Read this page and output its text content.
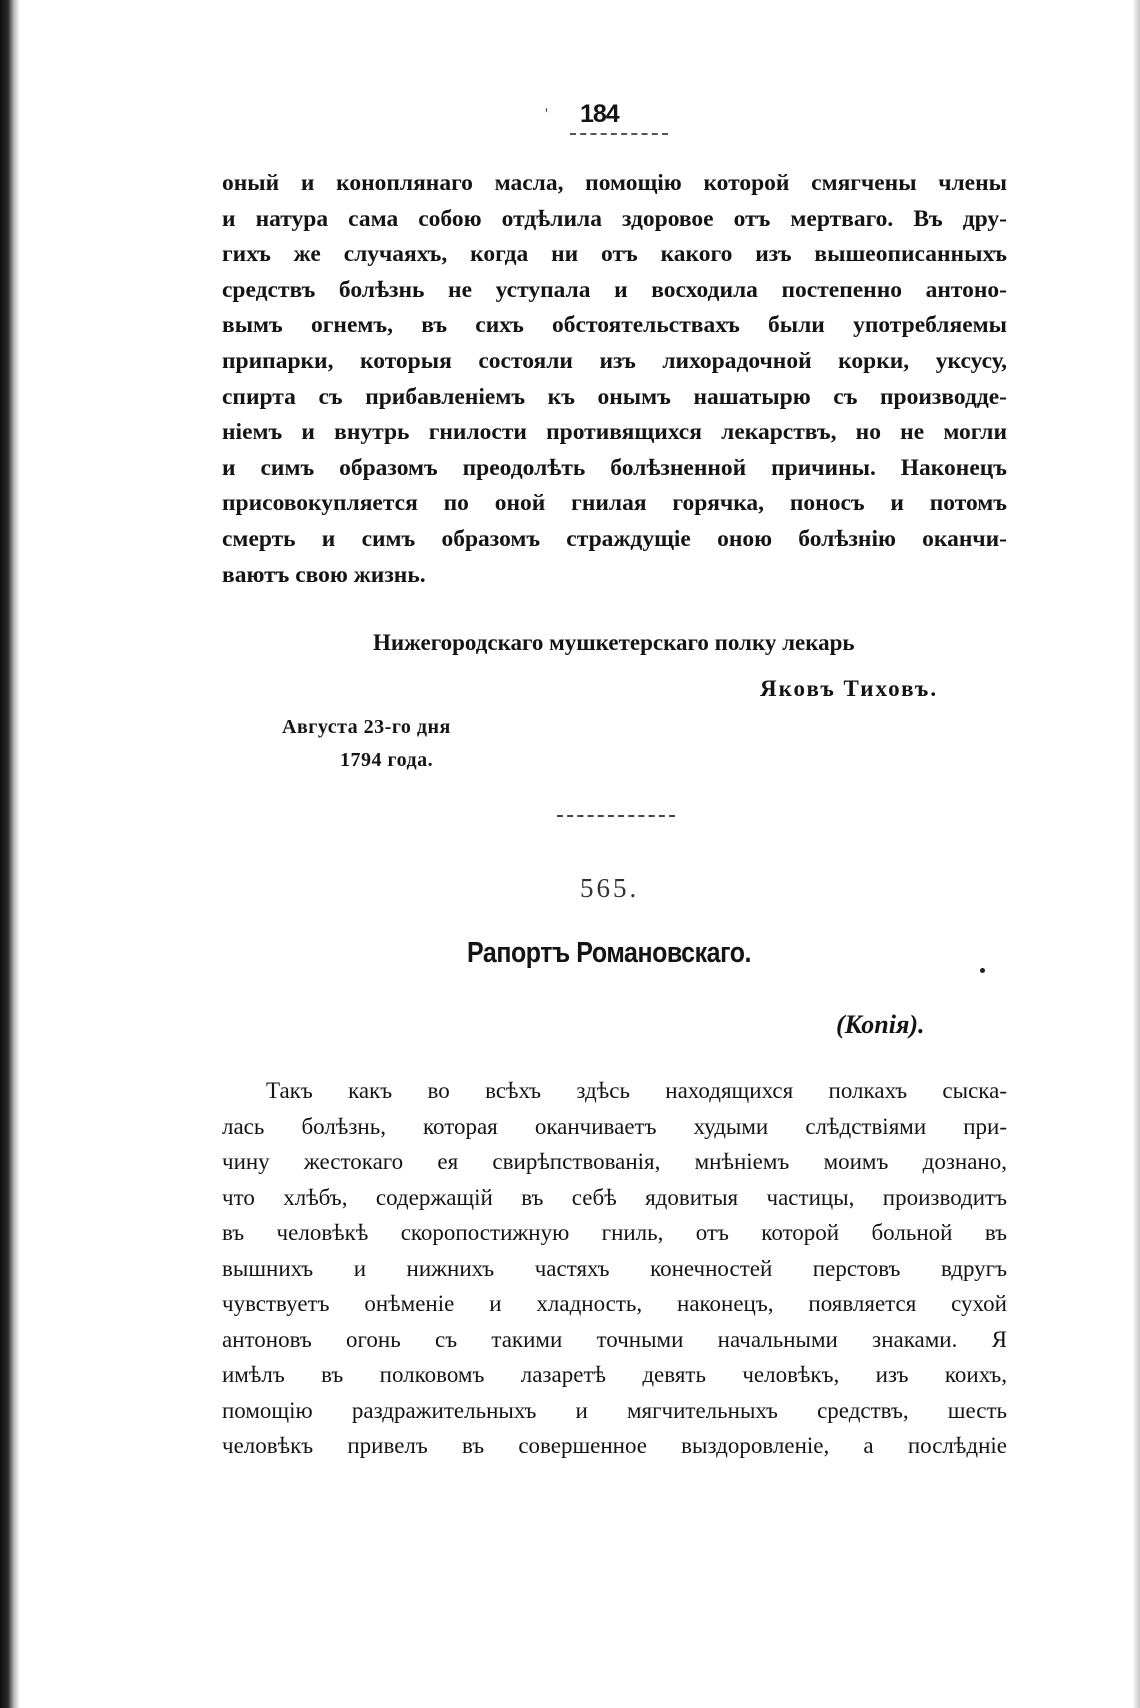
' 184
оный и конoплянаго масла, помощію которой смягчены члены
и натура сама собою отдѣлила здоровое отъ мертваго. Въ дру-
гихъ же случаяхъ, когда ни отъ какого изъ вышеописанныхъ
средствъ болѣзнь не уступала и восходила постепенно антоно-
вымъ огнемъ, въ сихъ обстоятельствахъ были употребляемы
припарки, которыя состояли изъ лихорадочной корки, уксусу,
спирта съ прибавленіемъ къ онымъ нашатырю съ производде-
ніемъ и внутрь гнилости противящихся лекарствъ, но не могли
и симъ образомъ преодолѣть болѣзненной причины. Наконецъ
присовокупляется по оной гнилая горячка, поносъ и потомъ
смерть и симъ образомъ страждущіе оною болѣзнію оканчи-
ваютъ свою жизнь.
Нижегородскаго мушкетерскаго полку лекарь
Яковъ Тиховъ.
Августа 23-го дня
1794 года.
565.
Рапортъ Романовскаго.
(Копія).
Такъ какъ во всѣхъ здѣсь находящихся полкахъ сыска-
лась болѣзнь, которая оканчиваетъ худыми слѣдствіями при-
чину жестокаго ея свирѣпствованія, мнѣніемъ моимъ дознано,
что хлѣбъ, содержащій въ себѣ ядовитыя частицы, производитъ
въ человѣкѣ скоропостижную гниль, отъ которой больной въ
вышнихъ и нижнихъ частяхъ конечностей перстовъ вдругъ
чувствуетъ онѣменіе и хладность, наконецъ, появляется сухой
антоновъ огонь съ такими точными начальными знаками. Я
имѣлъ въ полковомъ лазаретѣ девять человѣкъ, изъ коихъ,
помощію раздражительныхъ и мягчительныхъ средствъ, шесть
человѣкъ привелъ въ совершенное выздоровленіе, а послѣдніе
